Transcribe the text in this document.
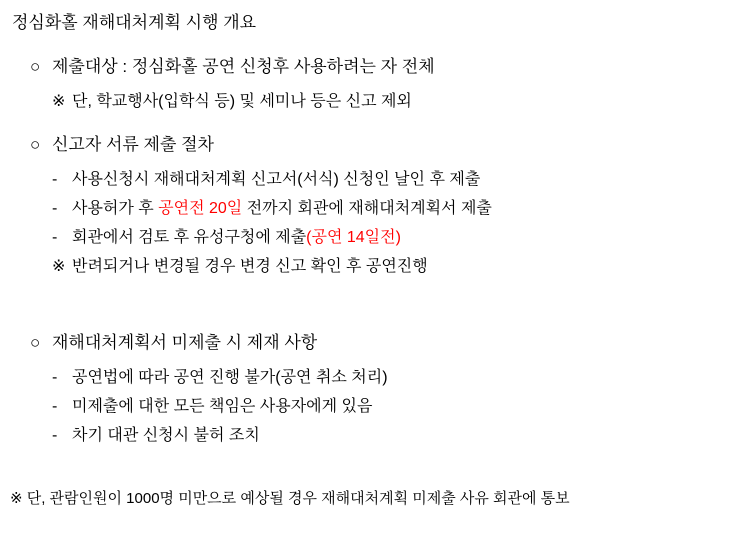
정심화홀 재해대처계획 시행 개요
○ 제출대상 : 정심화홀 공연 신청후 사용하려는 자 전체
※ 단, 학교행사(입학식 등) 및 세미나 등은 신고 제외
○ 신고자 서류 제출 절차
- 사용신청시 재해대처계획 신고서(서식) 신청인 날인 후 제출
- 사용허가 후 공연전 20일 전까지 회관에 재해대처계획서 제출
- 회관에서 검토 후 유성구청에 제출(공연 14일전)
※ 반려되거나 변경될 경우 변경 신고 확인 후 공연진행
○ 재해대처계획서 미제출 시 제재 사항
- 공연법에 따라 공연 진행 불가(공연 취소 처리)
- 미제출에 대한 모든 책임은 사용자에게 있음
- 차기 대관 신청시 불허 조치
※ 단, 관람인원이 1000명 미만으로 예상될 경우 재해대처계획 미제출 사유 회관에 통보
